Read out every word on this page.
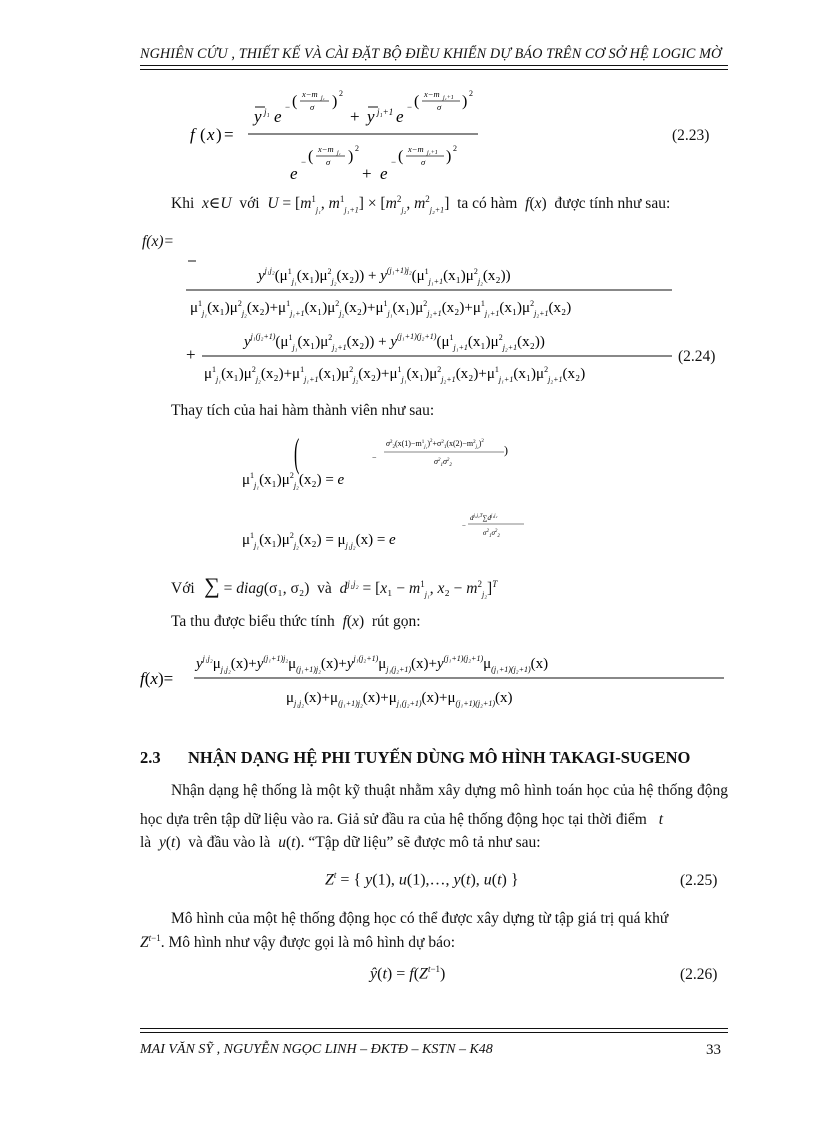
NGHIÊN CỨU , THIẾT KẾ VÀ CÀI ĐẶT BỘ ĐIỀU KHIỂN DỰ BÁO TRÊN CƠ SỞ HỆ LOGIC MỜ
f ( x ) =
y j₁ e − ( x−m j₁
σ ) 2
+ y j₁+1 e − ( x−m j₁+1
σ ) 2
e
− ( x−m j₁
σ ) 2
+ e
− ( x−m j₁+1
σ ) 2
(2.23)
Khi  x∈U với  $U = [m^1_{j_1}$, $m^1_{j_1+1}] \times [m^2_{j_2}$, $m^2_{j_2+1}$]  ta có hàm f(x)  được tính như sau:
f(x)=
$y^{j_1j_2}(\mu^1_{j_1}(x_1)\mu^2_{j_2}(x_2)) + y^{(j_1+1)j_2}(\mu^1_{j_1+1}(x_1)\mu^2_{j_2}(x_2))$
$\mu^1_{j_1}(x_1)\mu^2_{j_2}(x_2)+\mu^1_{j_1+1}(x_1)\mu^2_{j_2}(x_2)+\mu^1_{j_1}(x_1)\mu^2_{j_2+1}(x_2)+\mu^1_{j_1+1}(x_1)\mu^2_{j_2+1}(x_2)$
+
$y^{j_1(j_2+1)}(\mu^1_{j_1}(x_1)\mu^2_{j_2+1}(x_2)) + y^{(j_1+1)(j_2+1)}(\mu^1_{j_1+1}(x_1)\mu^2_{j_2+1}(x_2))$
$\mu^1_{j_1}(x_1)\mu^2_{j_2}(x_2)+\mu^1_{j_1+1}(x_1)\mu^2_{j_2}(x_2)+\mu^1_{j_1}(x_1)\mu^2_{j_2+1}(x_2)+\mu^1_{j_1+1}(x_1)\mu^2_{j_2+1}(x_2)$
(2.24)
Thay tích của hai hàm thành viên như sau:
$\mu^1_{j_1}(x_1)\mu^2_{j_2}(x_2) = e$
−
(	$\sigma^2_2(x(1)-m^1_{j_1})^2+\sigma^2_1(x(2)-m^2_{j_2})^2$
$\sigma^2_1\sigma^2_2$
)
$\mu^1_{j_1}(x_1)\mu^2_{j_2}(x_2) = \mu_{j_1j_2}(x) = e$
−
$d^{j_1j_2T}\sum d^{j_1j_2}$
$\sigma^2_1\sigma^2_2$
Với  ∑ = diag(σ₁, σ₂)  và $d^{j_1j_2} = [x_1 - m^1_{j_1}$, $x_2 - m^2_{j_2}]^T$
Ta thu được biểu thức tính f(x)  rút gọn:
f(x)=
$y^{j_1j_2}\mu_{j_1j_2}(x)+y^{(j_1+1)j_2}\mu_{(j_1+1)j_2}(x)+y^{j_1(j_2+1)}\mu_{j_1(j_2+1)}(x)+y^{(j_1+1)(j_2+1)}\mu_{(j_1+1)(j_2+1)}(x)$
$\mu_{j_1j_2}(x)+\mu_{(j_1+1)j_2}(x)+\mu_{j_1(j_2+1)}(x)+\mu_{(j_1+1)(j_2+1)}(x)$
2.3 NHẬN DẠNG HỆ PHI TUYẾN DÙNG MÔ HÌNH TAKAGI-SUGENO
Nhận dạng hệ thống là một kỹ thuật nhằm xây dựng mô hình toán học của hệ thống động học dựa trên tập dữ liệu vào ra. Giả sử đầu ra của hệ thống động học tại thời điểm t
là y(t)  và đầu vào là u(t). “Tập dữ liệu” sẽ được mô tả như sau:
$Z^t$ = { y(1), u(1),…, y(t), u(t) }	(2.25)
Mô hình của một hệ thống động học có thể được xây dựng từ tập giá trị quá khứ
$Z^{t-1}$. Mô hình như vậy được gọi là mô hình dự báo:
ŷ(t) = $f(Z^{t-1})$	(2.26)
MAI VĂN SỸ , NGUYỄN NGỌC LINH – ĐKTĐ – KSTN – K48	33
